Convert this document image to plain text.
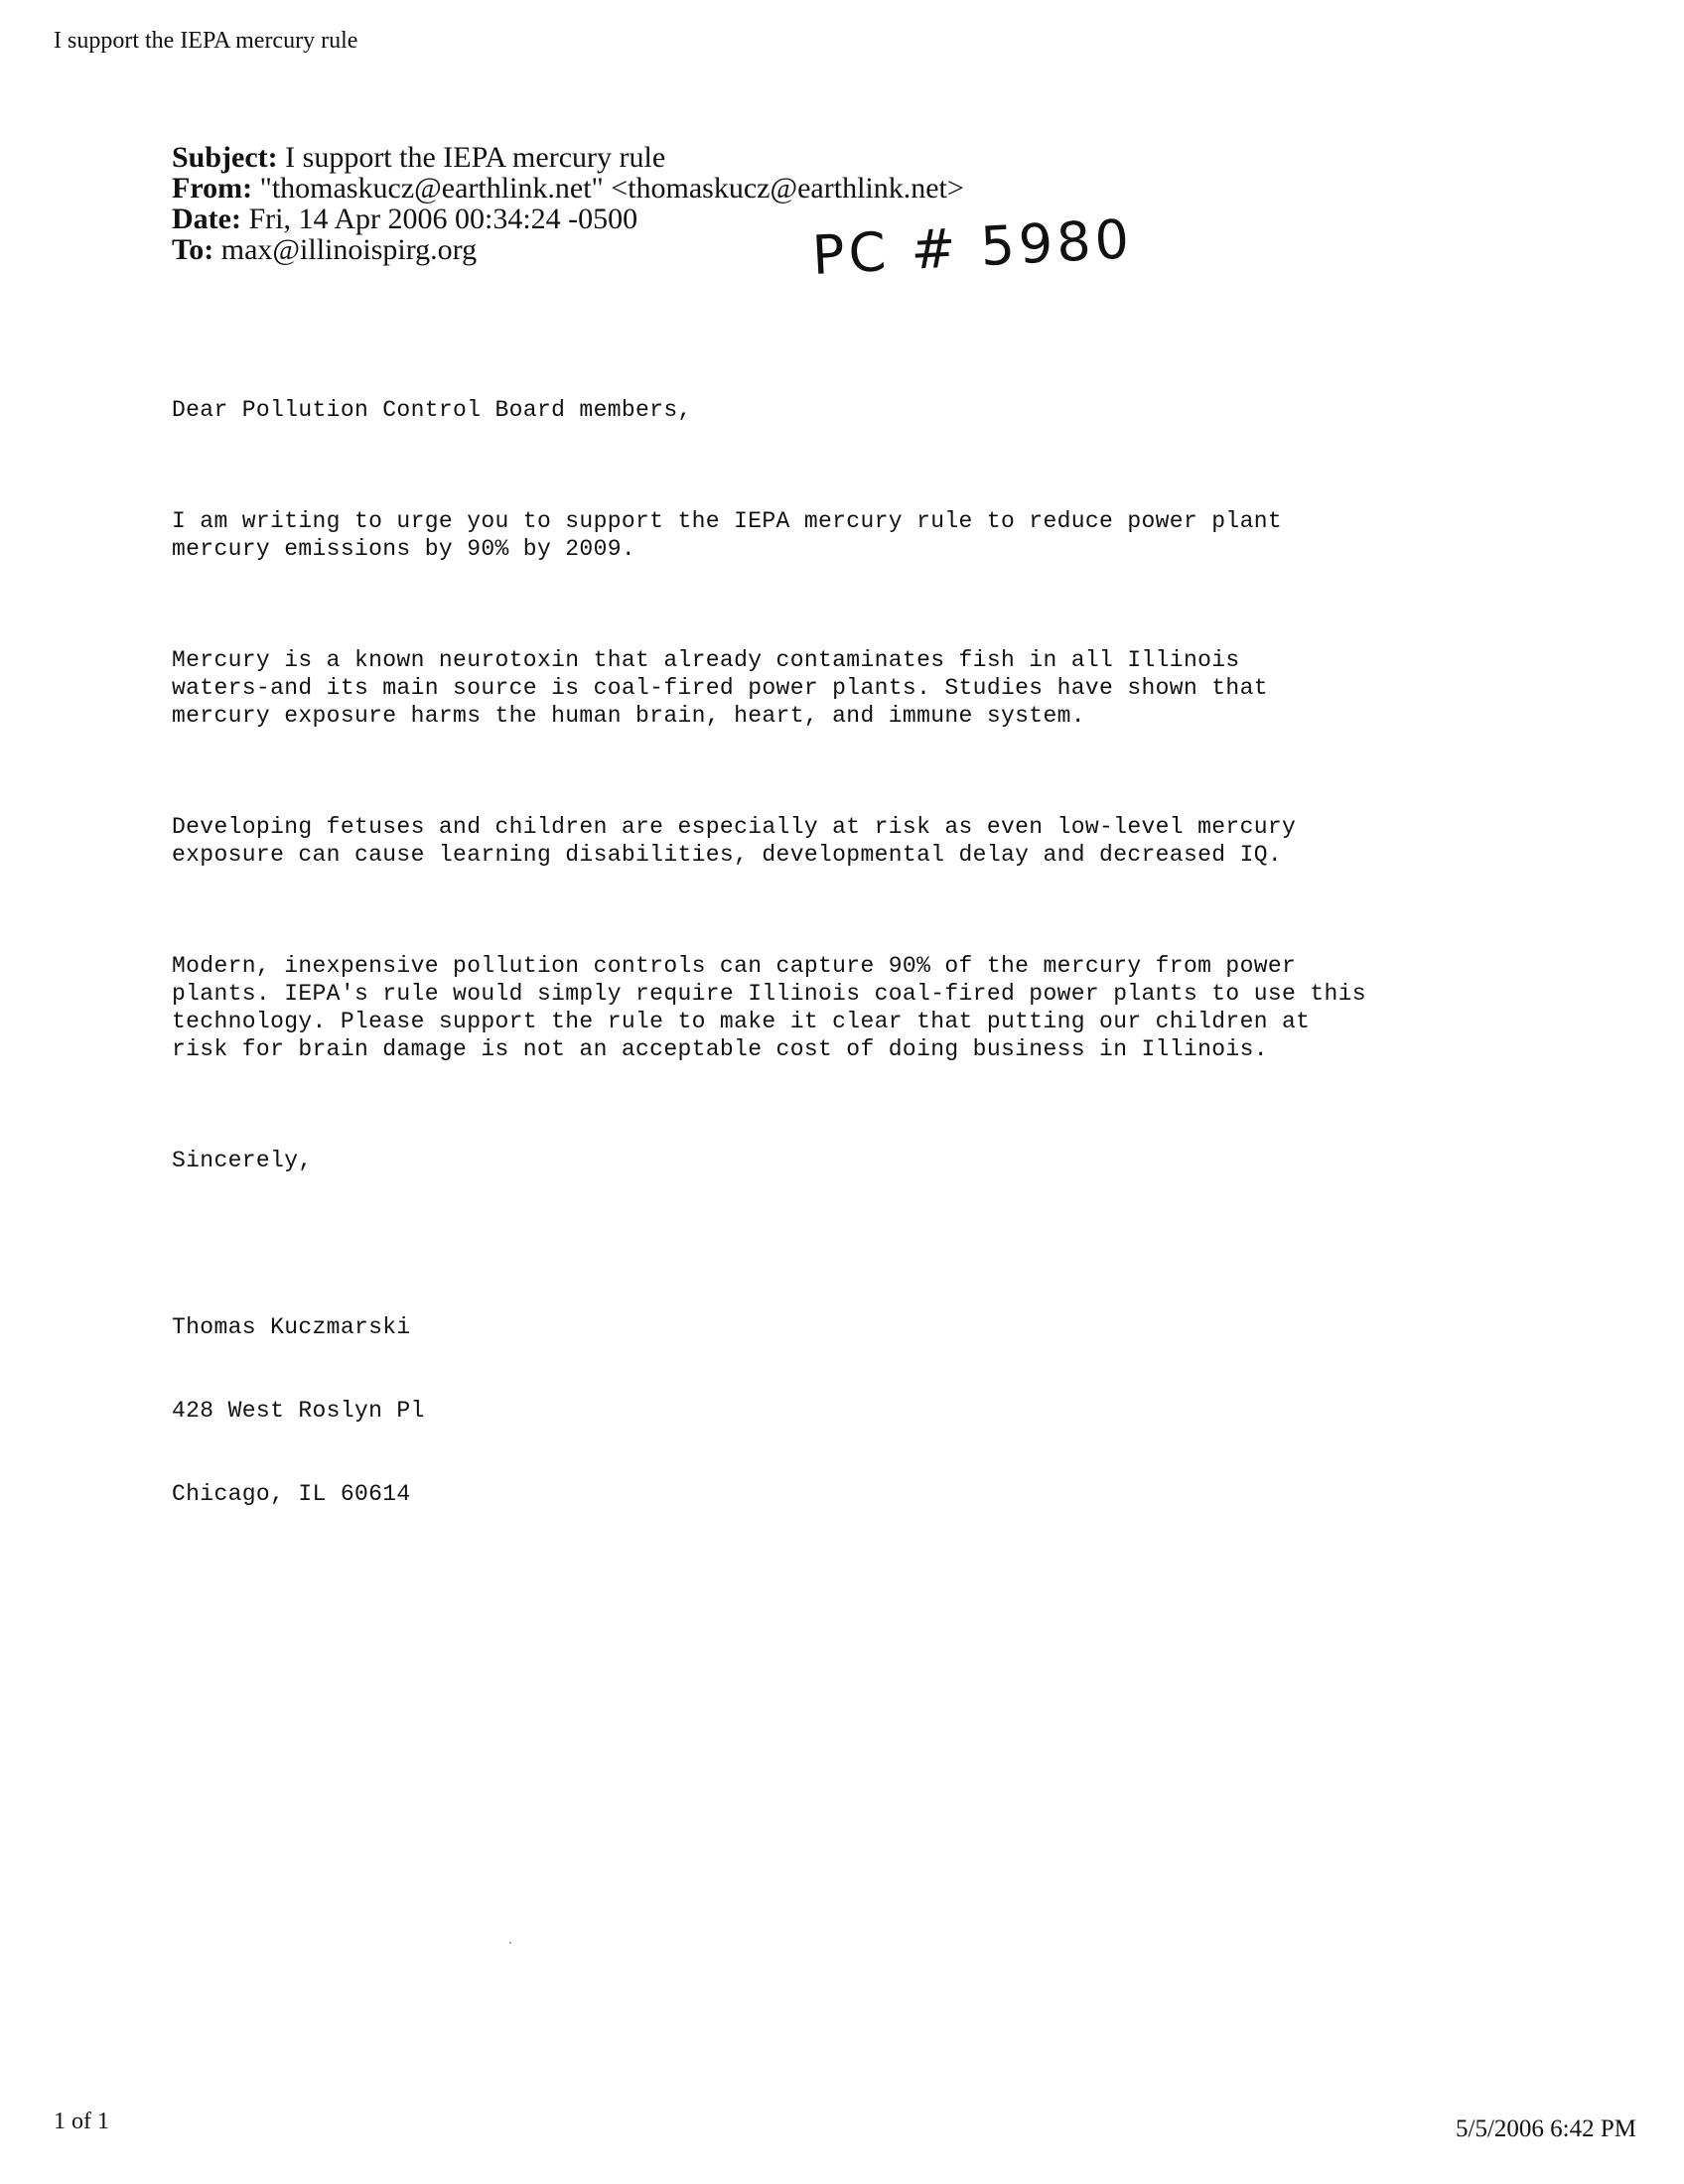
I support the IEPA mercury rule
Subject: I support the IEPA mercury rule
From: "thomaskucz@earthlink.net" <thomaskucz@earthlink.net>
Date: Fri, 14 Apr 2006 00:34:24 -0500
To: max@illinoispirg.org	PC # 5980

Dear Pollution Control Board members,

I am writing to urge you to support the IEPA mercury rule to reduce power plant
mercury emissions by 90% by 2009.

Mercury is a known neurotoxin that already contaminates fish in all Illinois
waters-and its main source is coal-fired power plants. Studies have shown that
mercury exposure harms the human brain, heart, and immune system.

Developing fetuses and children are especially at risk as even low-level mercury
exposure can cause learning disabilities, developmental delay and decreased IQ.

Modern, inexpensive pollution controls can capture 90% of the mercury from power
plants. IEPA's rule would simply require Illinois coal-fired power plants to use this
technology. Please support the rule to make it clear that putting our children at
risk for brain damage is not an acceptable cost of doing business in Illinois.

Sincerely,

Thomas Kuczmarski

428 West Roslyn Pl

Chicago, IL 60614

1 of 1	5/5/2006 6:42 PM
